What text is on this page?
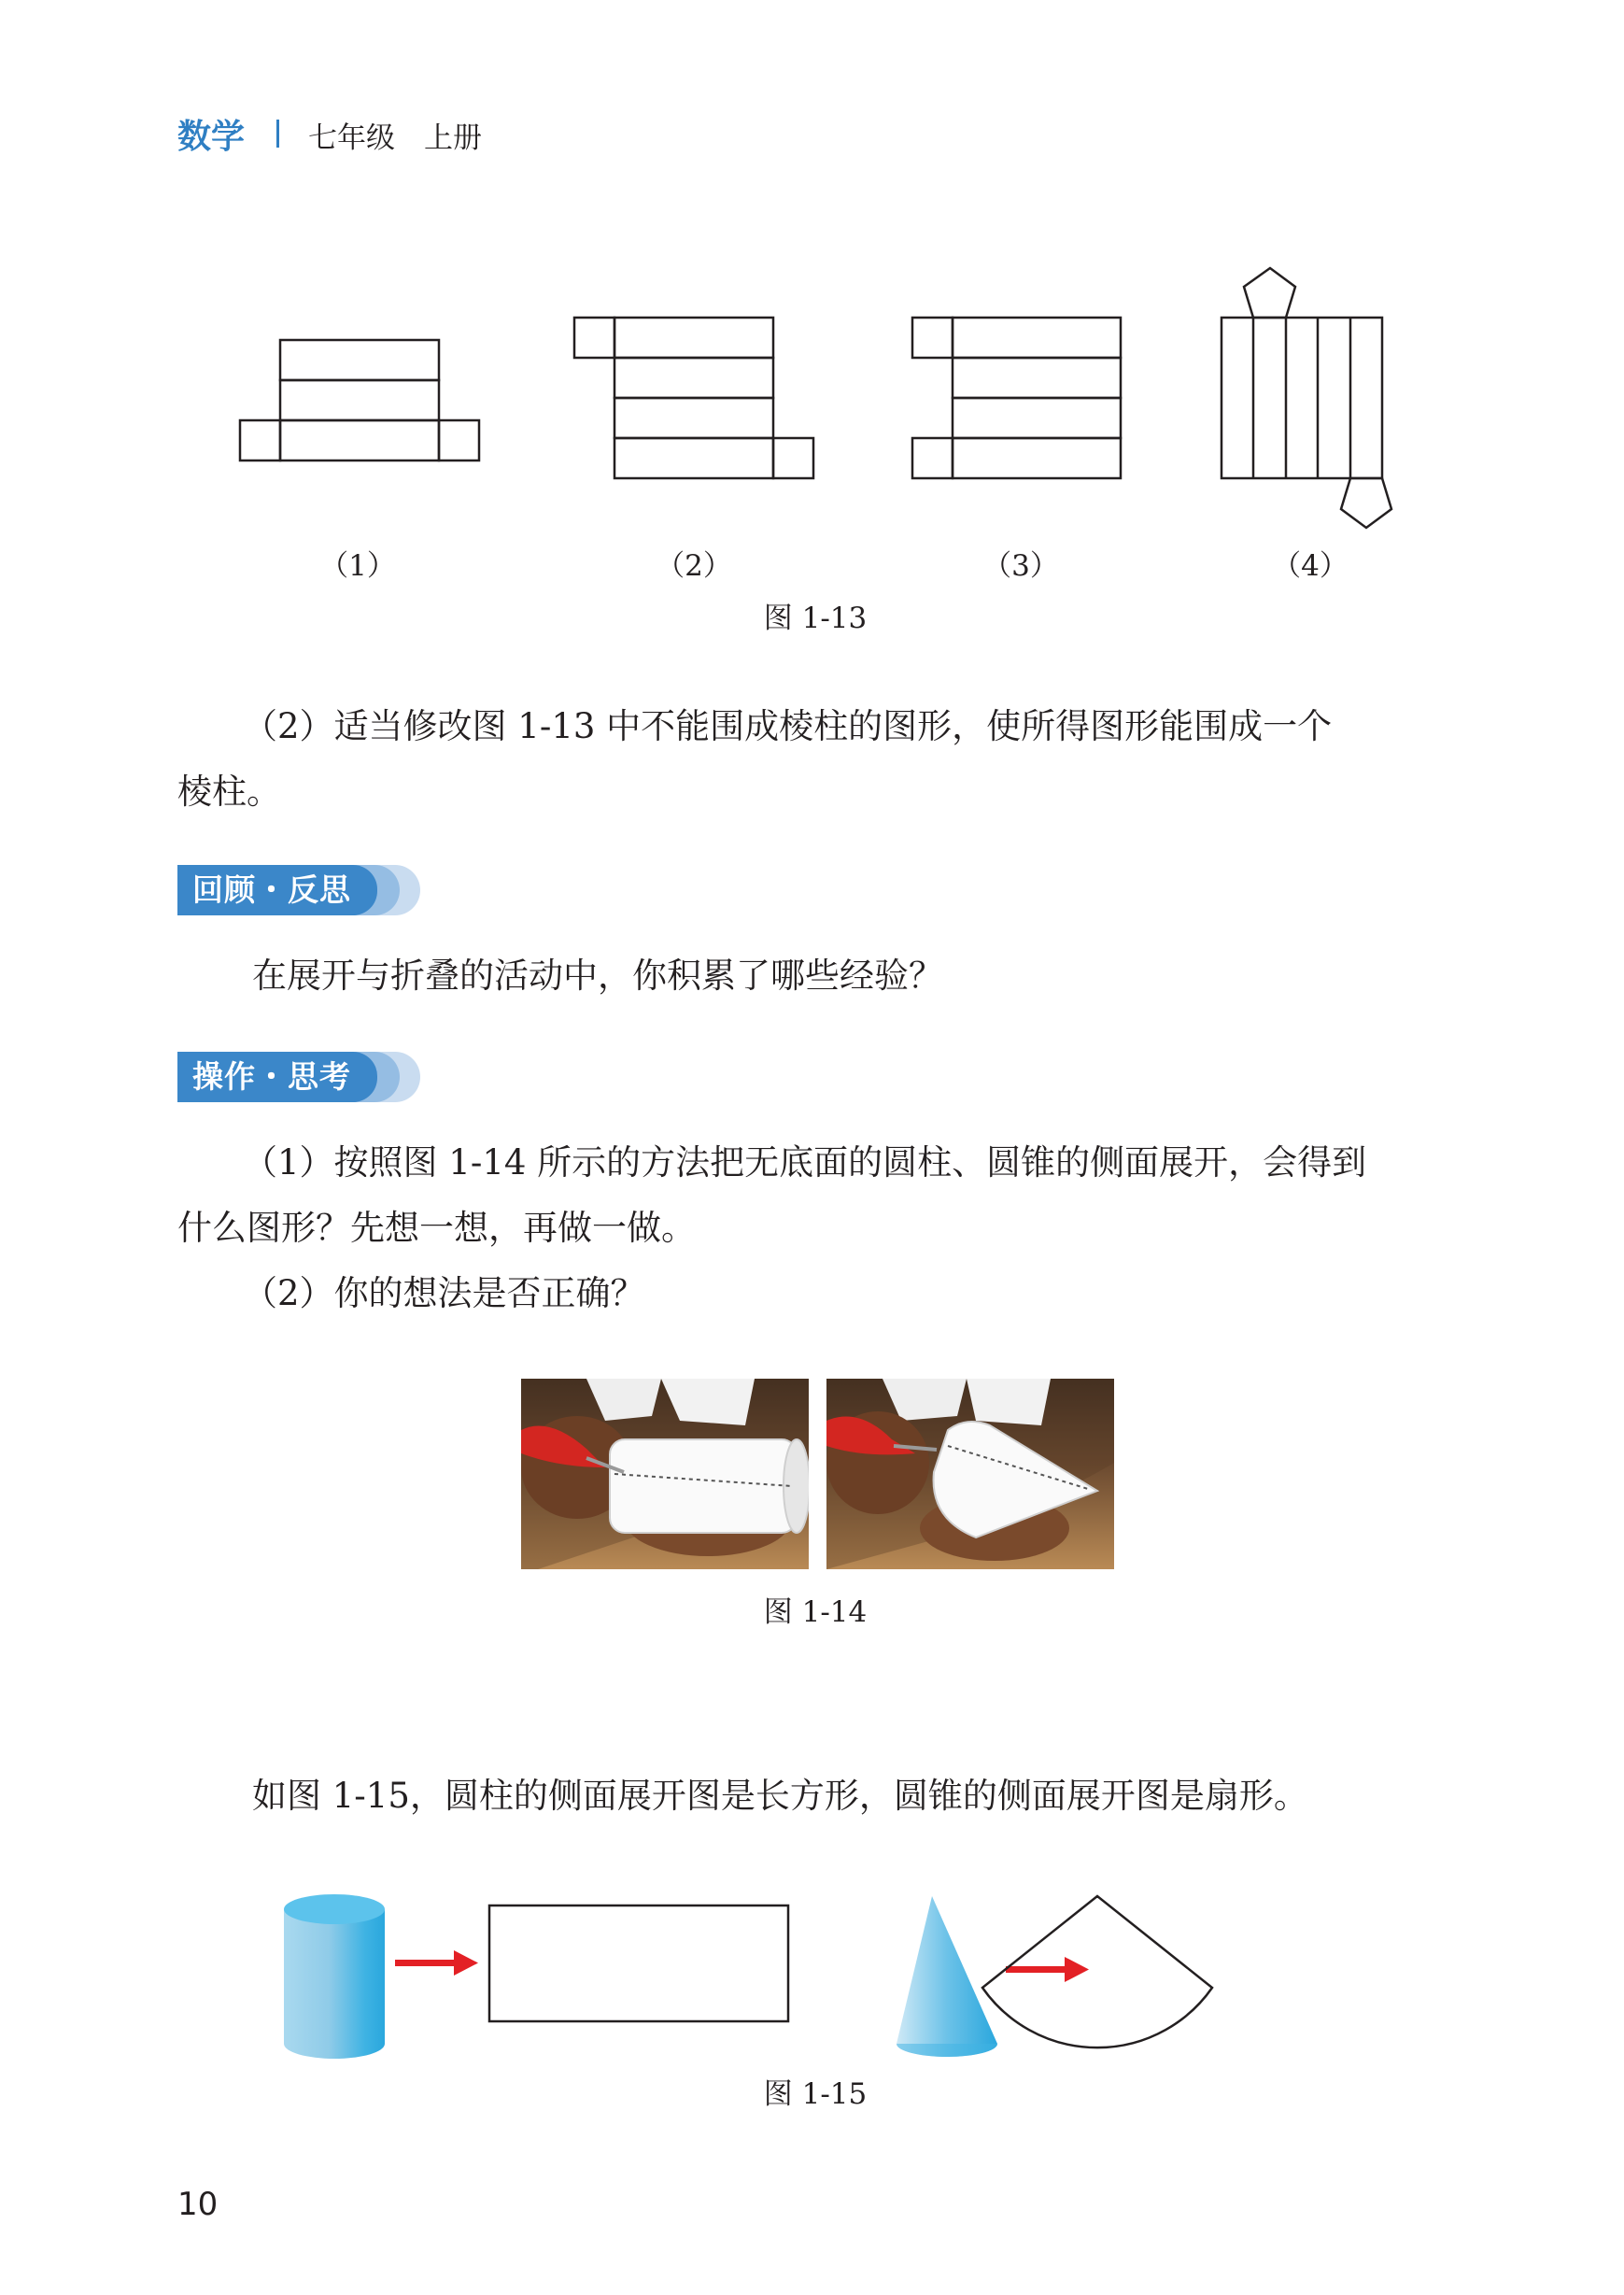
数学 七年级　上册
（1）	（2）	（3）	（4）
图 1-13
（2）适当修改图 1-13 中不能围成棱柱的图形，使所得图形能围成一个
棱柱。
回顾・反思
在展开与折叠的活动中，你积累了哪些经验？
操作・思考
（1）按照图 1-14 所示的方法把无底面的圆柱、圆锥的侧面展开，会得到
什么图形？先想一想，再做一做。
（2）你的想法是否正确？
图 1-14
如图 1-15，圆柱的侧面展开图是长方形，圆锥的侧面展开图是扇形。
图 1-15
10
